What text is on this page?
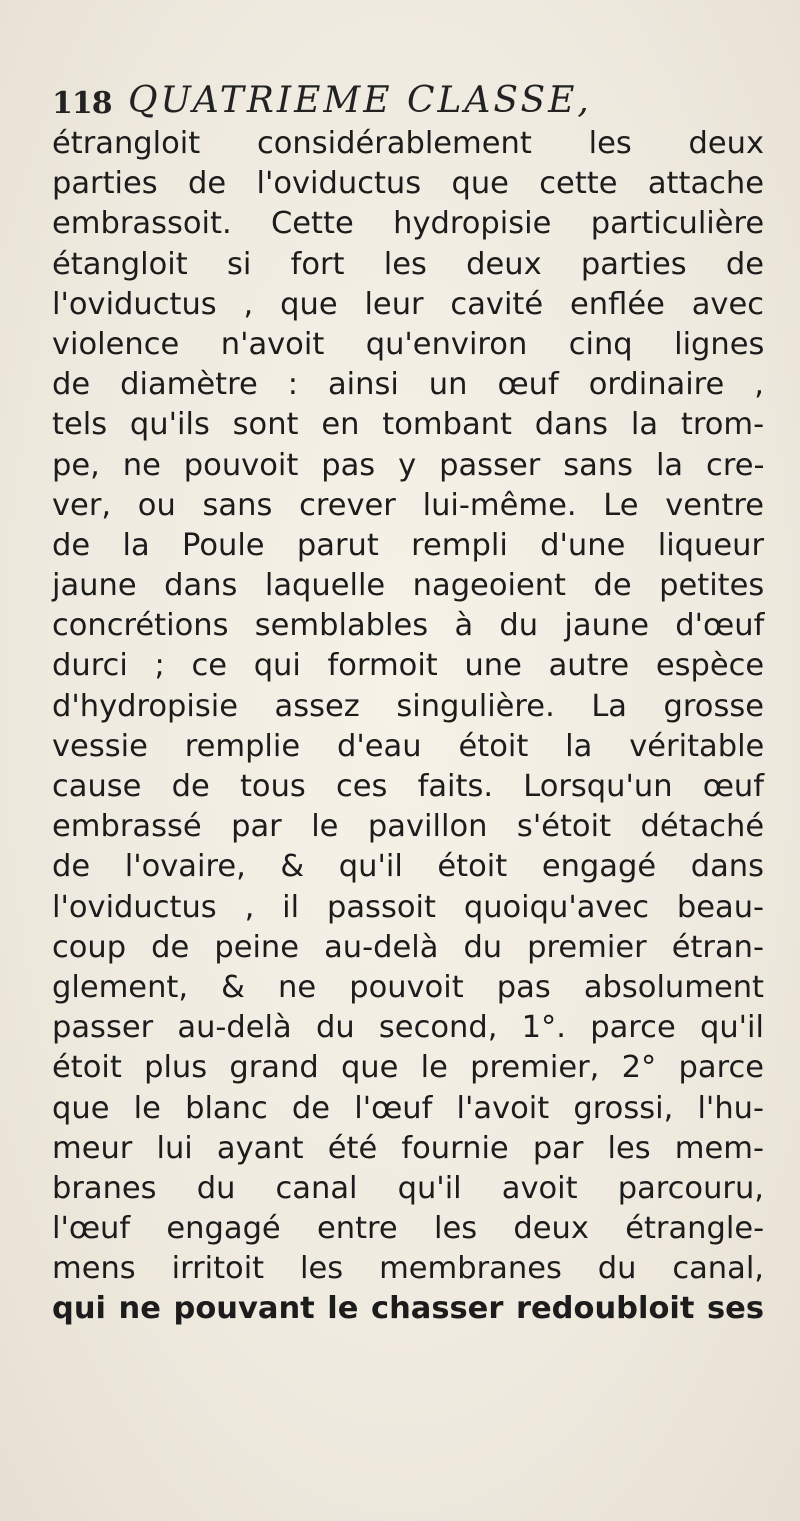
118 QUATRIEME CLASSE,
étrangloit considérablement les deux
parties de l'oviductus que cette attache
embrassoit. Cette hydropisie particulière
étangloit si fort les deux parties de
l'oviductus , que leur cavité enflée avec
violence n'avoit qu'environ cinq lignes
de diamètre : ainsi un œuf ordinaire ,
tels qu'ils sont en tombant dans la trom-
pe, ne pouvoit pas y passer sans la cre-
ver, ou sans crever lui-même. Le ventre
de la Poule parut rempli d'une liqueur
jaune dans laquelle nageoient de petites
concrétions semblables à du jaune d'œuf
durci ; ce qui formoit une autre espèce
d'hydropisie assez singulière. La grosse
vessie remplie d'eau étoit la véritable
cause de tous ces faits. Lorsqu'un œuf
embrassé par le pavillon s'étoit détaché
de l'ovaire, & qu'il étoit engagé dans
l'oviductus , il passoit quoiqu'avec beau-
coup de peine au-delà du premier étran-
glement, & ne pouvoit pas absolument
passer au-delà du second, 1°. parce qu'il
étoit plus grand que le premier, 2° parce
que le blanc de l'œuf l'avoit grossi, l'hu-
meur lui ayant été fournie par les mem-
branes du canal qu'il avoit parcouru,
l'œuf engagé entre les deux étrangle-
mens irritoit les membranes du canal,
qui ne pouvant le chasser redoubloit ses
